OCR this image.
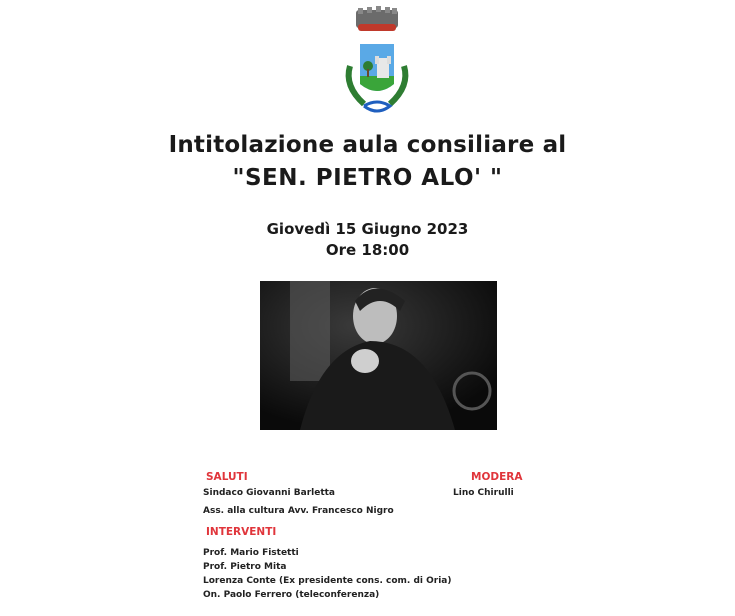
Intitolazione aula consiliare al
"SEN. PIETRO ALO' "
Giovedì 15 Giugno 2023
Ore 18:00
SALUTI
Sindaco Giovanni Barletta
Ass. alla cultura Avv. Francesco Nigro
MODERA
Lino Chirulli
INTERVENTI
Prof. Mario Fistetti
Prof. Pietro Mita
Lorenza Conte (Ex presidente cons. com. di Oria)
On. Paolo Ferrero (teleconferenza)
